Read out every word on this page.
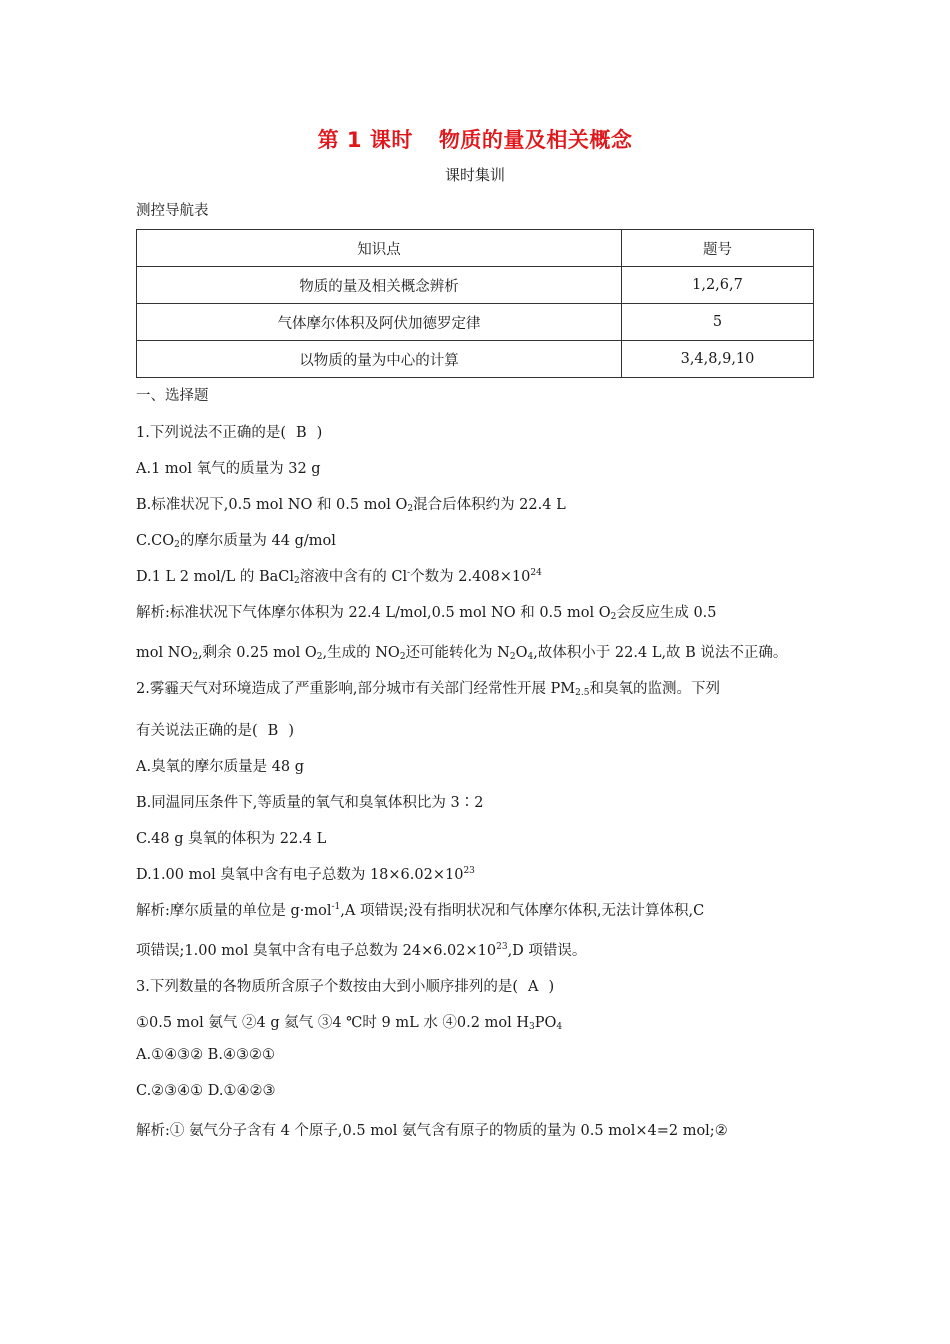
第 1 课时 物质的量及相关概念
课时集训
测控导航表
知识点	题号
物质的量及相关概念辨析	1,2,6,7
气体摩尔体积及阿伏加德罗定律	5
以物质的量为中心的计算	3,4,8,9,10
一、选择题
1.下列说法不正确的是( B )
A.1 mol 氧气的质量为 32 g
B.标准状况下,0.5 mol NO 和 0.5 mol $O_2$混合后体积约为 22.4 L
$C.CO_2$的摩尔质量为 44 g/mol
D.1 L 2 mol/L 的 BaCl$_2$溶液中含有的 Cl-个数为 $2.408\times 10^{24}$
解析:标准状况下气体摩尔体积为 22.4 L/mol,0.5 mol NO 和 0.5 mol $O_2$会反应生成 0.5
mol $NO_2$,剩余 0.25 mol $O_2$,生成的 $NO_2$还可能转化为 $N_2O_4$,故体积小于 22.4 L,故 B 说法不正确。
2.雾霾天气对环境造成了严重影响,部分城市有关部门经常性开展 $PM_{2.5}$和臭氧的监测。下列
有关说法正确的是( B )
A.臭氧的摩尔质量是 48 g
B.同温同压条件下,等质量的氧气和臭氧体积比为 3∶2
C.48 g 臭氧的体积为 22.4 L
D.1.00 mol 臭氧中含有电子总数为 $18\times 6.02\times 10^{23}$
解析:摩尔质量的单位是 g·mol$^{-1}$,A 项错误;没有指明状况和气体摩尔体积,无法计算体积,C
项错误;1.00 mol 臭氧中含有电子总数为 $24\times 6.02\times 10^{23},D$ 项错误。
3.下列数量的各物质所含原子个数按由大到小顺序排列的是( A )
①0.5 mol 氨气 ②4 g 氦气 ③4 ℃时 9 mL 水 ④0.2 mol $H_3PO_4$
A.①④③② B.④③②①
C.②③④① D.①④②③
解析:① 氨气分子含有 4 个原子,0.5 mol 氨气含有原子的物质的量为 0.5 mol×4=2 mol;②
